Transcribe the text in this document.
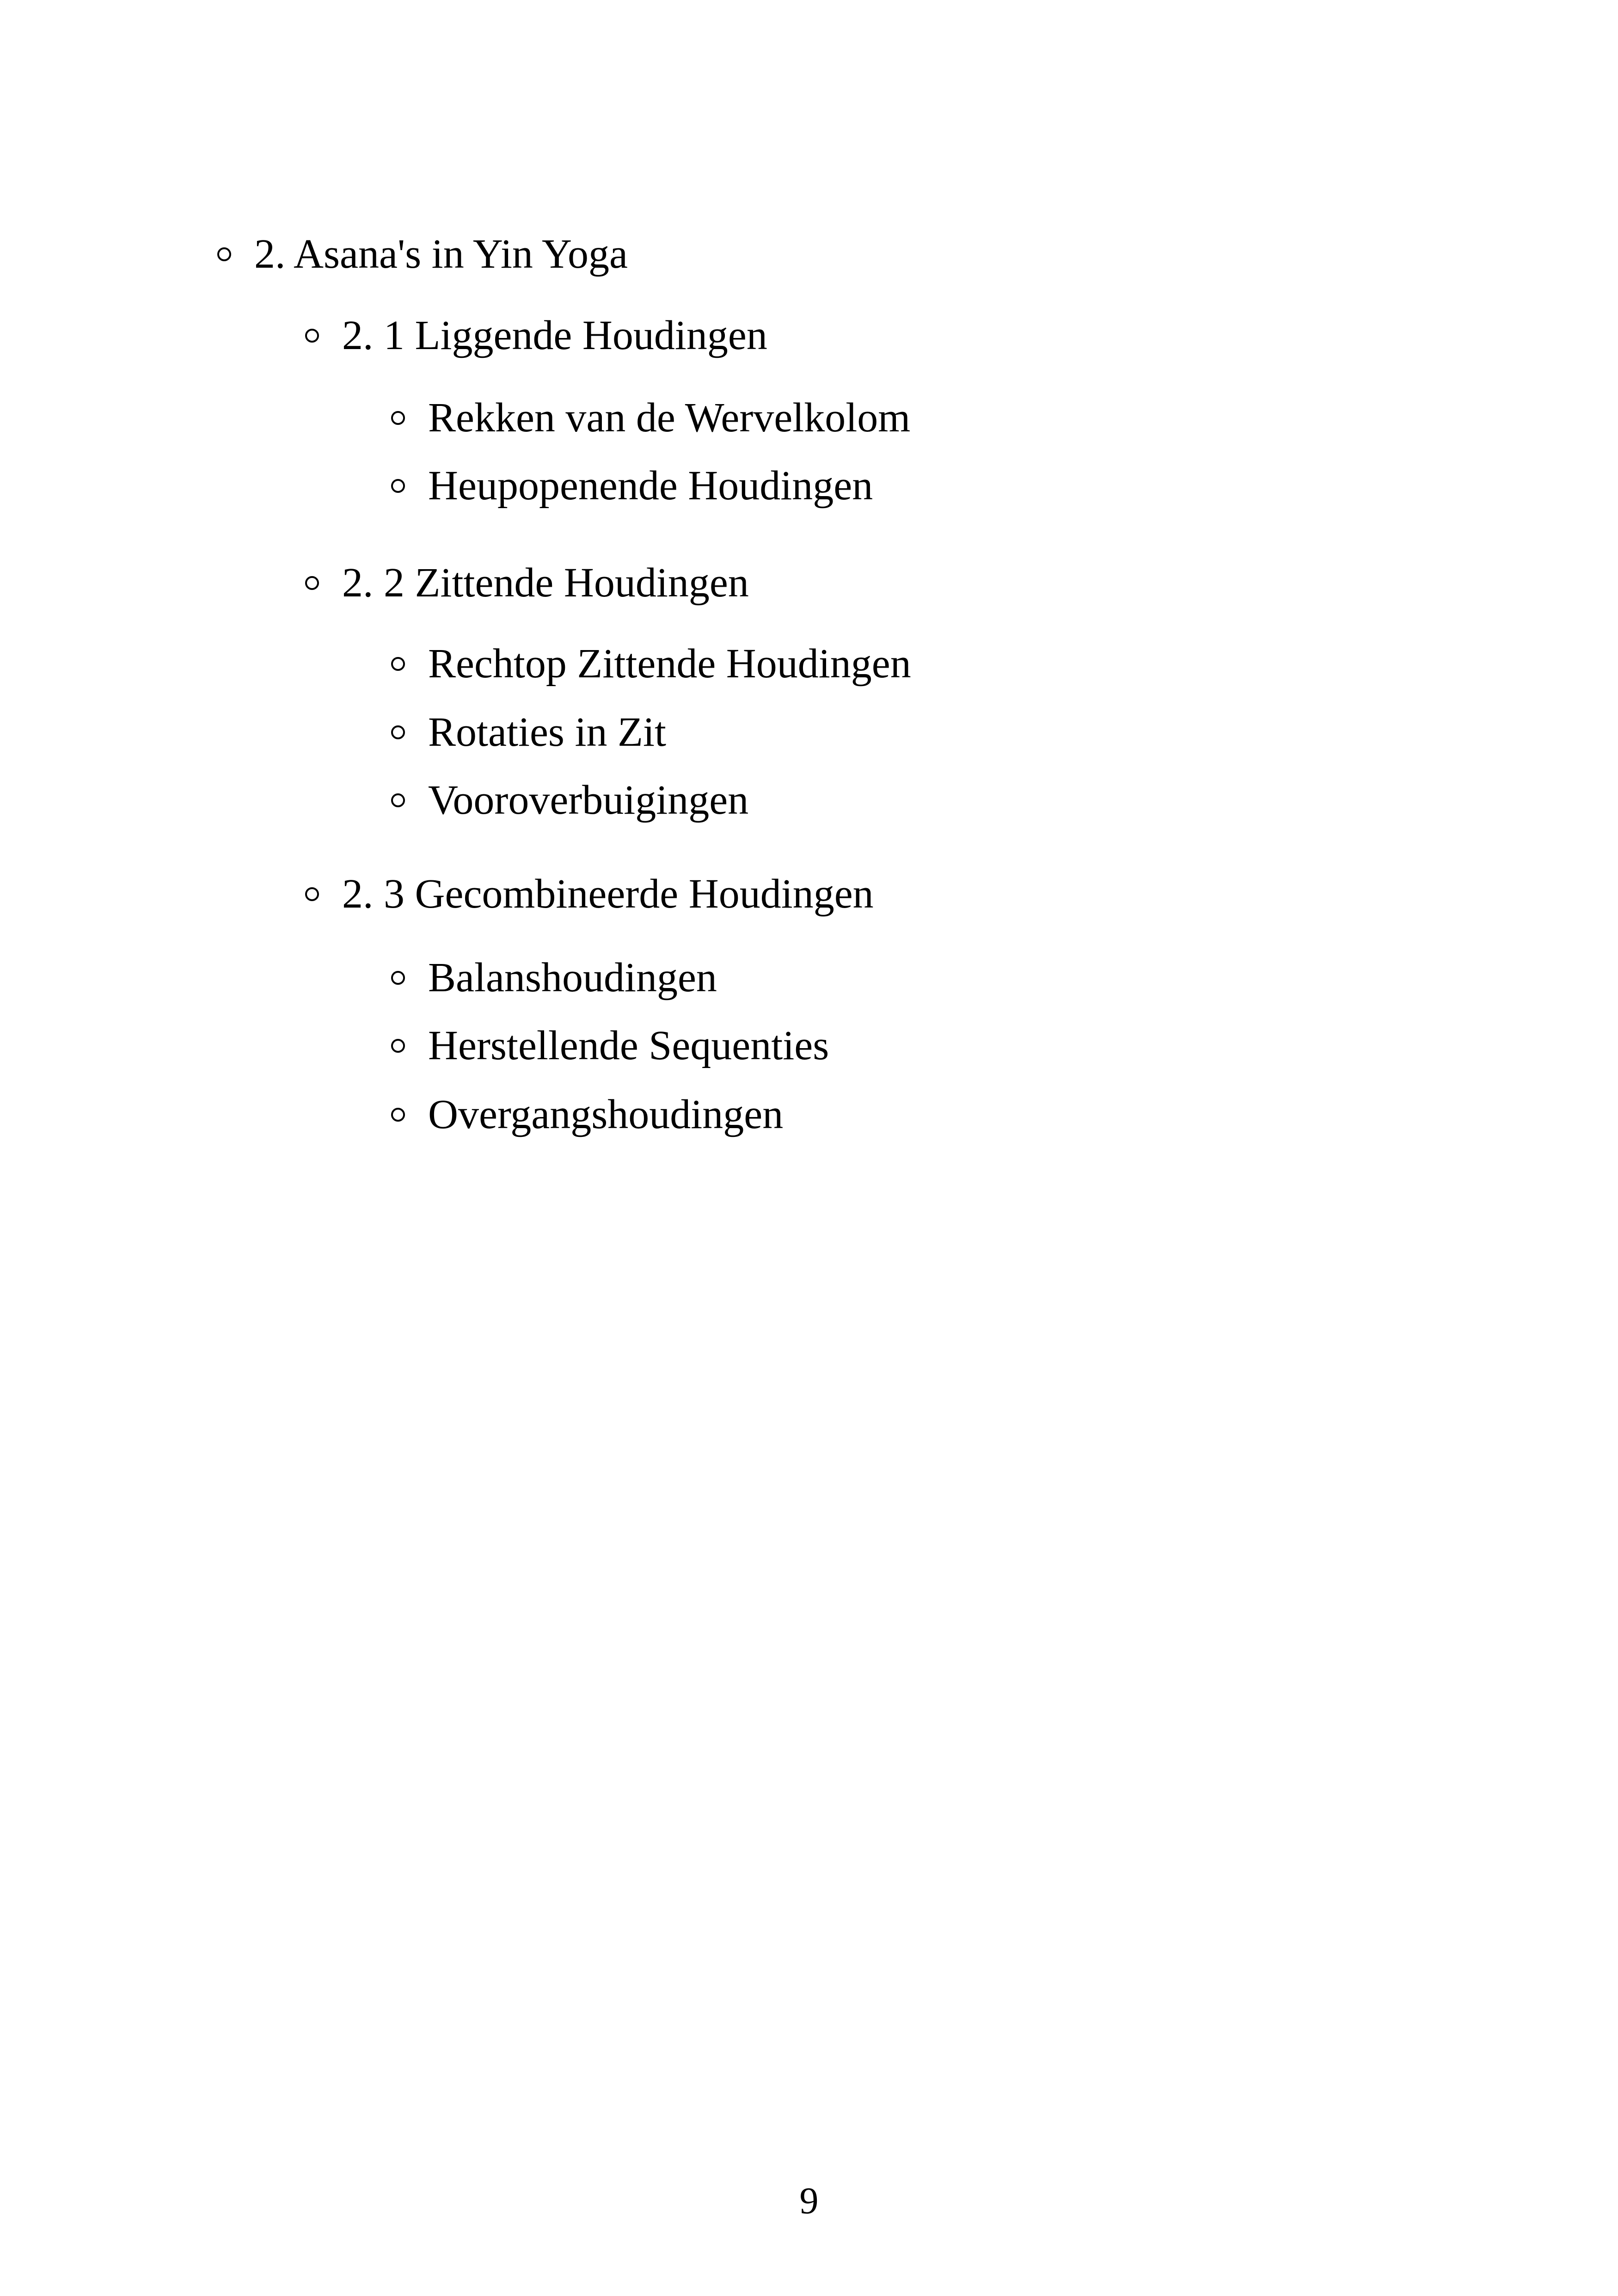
2. Asana's in Yin Yoga
2. 1 Liggende Houdingen
Rekken van de Wervelkolom
Heupopenende Houdingen
2. 2 Zittende Houdingen
Rechtop Zittende Houdingen
Rotaties in Zit
Vooroverbuigingen
2. 3 Gecombineerde Houdingen
Balanshoudingen
Herstellende Sequenties
Overgangshoudingen
9
